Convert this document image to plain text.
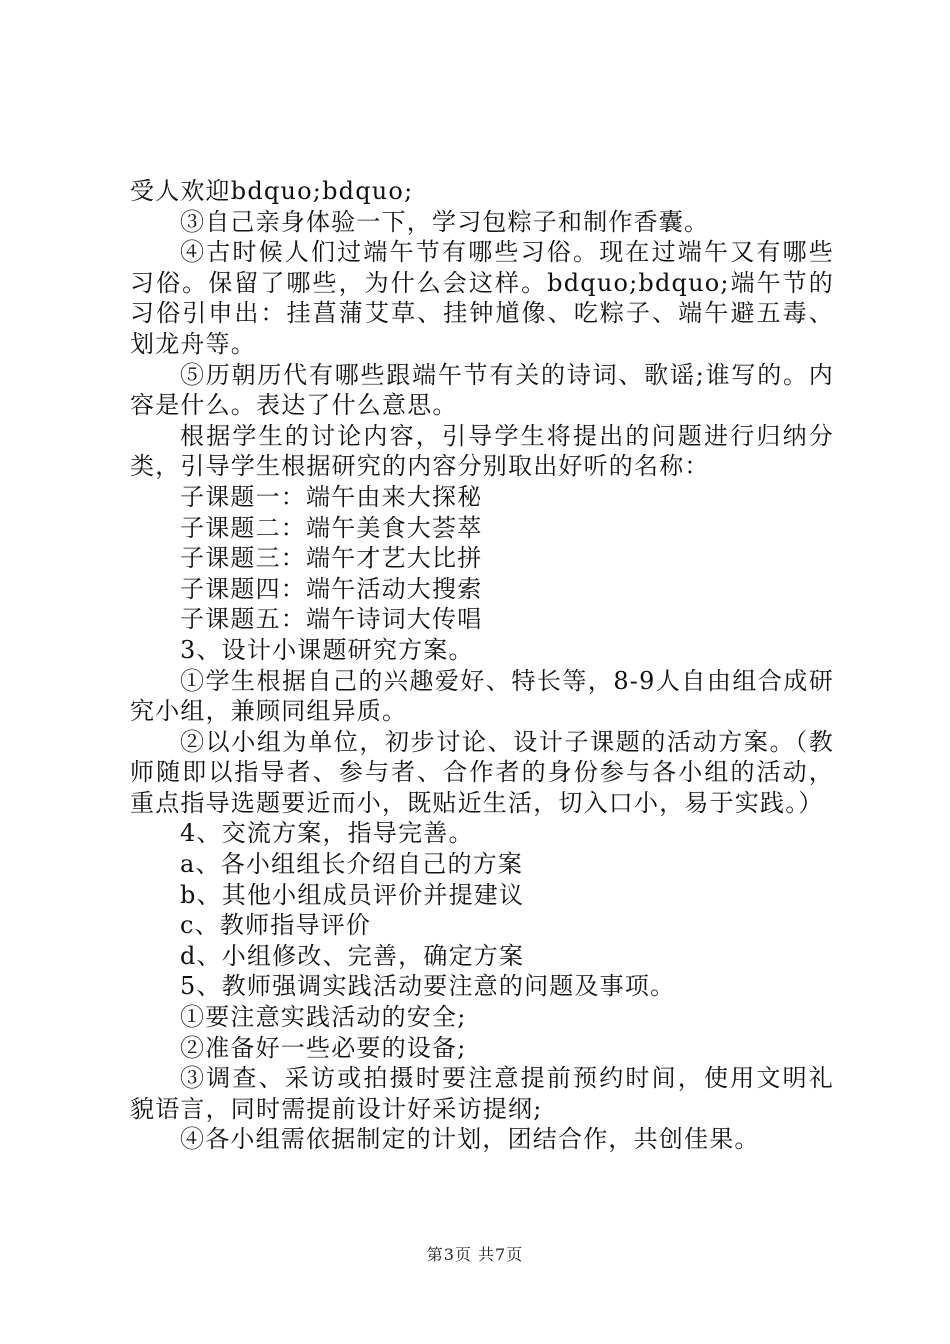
受人欢迎bdquo;bdquo;

③自己亲身体验一下，学习包粽子和制作香囊。

④古时候人们过端午节有哪些习俗。现在过端午又有哪些习俗。保留了哪些，为什么会这样。bdquo;bdquo;端午节的习俗引申出：挂菖蒲艾草、挂钟馗像、吃粽子、端午避五毒、划龙舟等。

⑤历朝历代有哪些跟端午节有关的诗词、歌谣;谁写的。内容是什么。表达了什么意思。

根据学生的讨论内容，引导学生将提出的问题进行归纳分类，引导学生根据研究的内容分别取出好听的名称：

子课题一：端午由来大探秘

子课题二：端午美食大荟萃

子课题三：端午才艺大比拼

子课题四：端午活动大搜索

子课题五：端午诗词大传唱

3、设计小课题研究方案。

①学生根据自己的兴趣爱好、特长等，8-9人自由组合成研究小组，兼顾同组异质。

②以小组为单位，初步讨论、设计子课题的活动方案。（教师随即以指导者、参与者、合作者的身份参与各小组的活动，重点指导选题要近而小，既贴近生活，切入口小，易于实践。）

4、交流方案，指导完善。

a、各小组组长介绍自己的方案

b、其他小组成员评价并提建议

c、教师指导评价

d、小组修改、完善，确定方案

5、教师强调实践活动要注意的问题及事项。

①要注意实践活动的安全;

②准备好一些必要的设备;

③调查、采访或拍摄时要注意提前预约时间，使用文明礼貌语言，同时需提前设计好采访提纲;

④各小组需依据制定的计划，团结合作，共创佳果。

第3页 共7页
